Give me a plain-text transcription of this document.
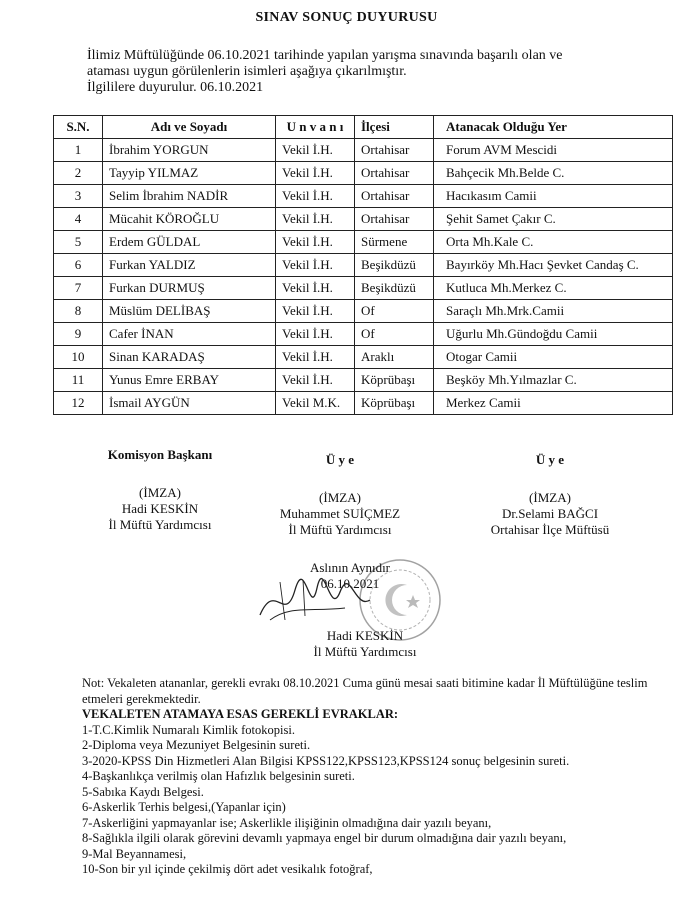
SINAV SONUÇ DUYURUSU
İlimiz Müftülüğünde 06.10.2021 tarihinde yapılan yarışma sınavında başarılı olan ve
ataması uygun görülenlerin isimleri aşağıya çıkarılmıştır.
İlgililere duyurulur. 06.10.2021
S.N.	Adı ve Soyadı	U n v a n ı	İlçesi	Atanacak Olduğu Yer
1	İbrahim YORGUN	Vekil İ.H.	Ortahisar	Forum AVM Mescidi
2	Tayyip YILMAZ	Vekil İ.H.	Ortahisar	Bahçecik Mh.Belde C.
3	Selim İbrahim NADİR	Vekil İ.H.	Ortahisar	Hacıkasım Camii
4	Mücahit KÖROĞLU	Vekil İ.H.	Ortahisar	Şehit Samet Çakır C.
5	Erdem GÜLDAL	Vekil İ.H.	Sürmene	Orta Mh.Kale C.
6	Furkan YALDIZ	Vekil İ.H.	Beşikdüzü	Bayırköy Mh.Hacı Şevket Candaş C.
7	Furkan DURMUŞ	Vekil İ.H.	Beşikdüzü	Kutluca Mh.Merkez C.
8	Müslüm DELİBAŞ	Vekil İ.H.	Of	Saraçlı Mh.Mrk.Camii
9	Cafer İNAN	Vekil İ.H.	Of	Uğurlu Mh.Gündoğdu Camii
10	Sinan KARADAŞ	Vekil İ.H.	Araklı	Otogar Camii
11	Yunus Emre ERBAY	Vekil İ.H.	Köprübaşı	Beşköy Mh.Yılmazlar C.
12	İsmail AYGÜN	Vekil M.K.	Köprübaşı	Merkez Camii
Komisyon Başkanı
(İMZA)
Hadi KESKİN
İl Müftü Yardımcısı
Ü y e
(İMZA)
Muhammet SUİÇMEZ
İl Müftü Yardımcısı
Ü y e
(İMZA)
Dr.Selami BAĞCI
Ortahisar İlçe Müftüsü
Aslının Aynıdır
06.10.2021
Hadi KESKİN
İl Müftü Yardımcısı
Not: Vekaleten atananlar, gerekli evrakı 08.10.2021 Cuma günü mesai saati bitimine kadar İl Müftülüğüne teslim etmeleri gerekmektedir.
VEKALETEN ATAMAYA ESAS GEREKLİ EVRAKLAR:
1-T.C.Kimlik Numaralı Kimlik fotokopisi.
2-Diploma veya Mezuniyet Belgesinin sureti.
3-2020-KPSS Din Hizmetleri Alan Bilgisi KPSS122,KPSS123,KPSS124 sonuç belgesinin sureti.
4-Başkanlıkça verilmiş olan Hafızlık belgesinin sureti.
5-Sabıka Kaydı Belgesi.
6-Askerlik Terhis belgesi,(Yapanlar için)
7-Askerliğini yapmayanlar ise; Askerlikle ilişiğinin olmadığına dair yazılı beyanı,
8-Sağlıkla ilgili olarak görevini devamlı yapmaya engel bir durum olmadığına dair yazılı beyanı,
9-Mal Beyannamesi,
10-Son bir yıl içinde çekilmiş dört adet vesikalık fotoğraf,
